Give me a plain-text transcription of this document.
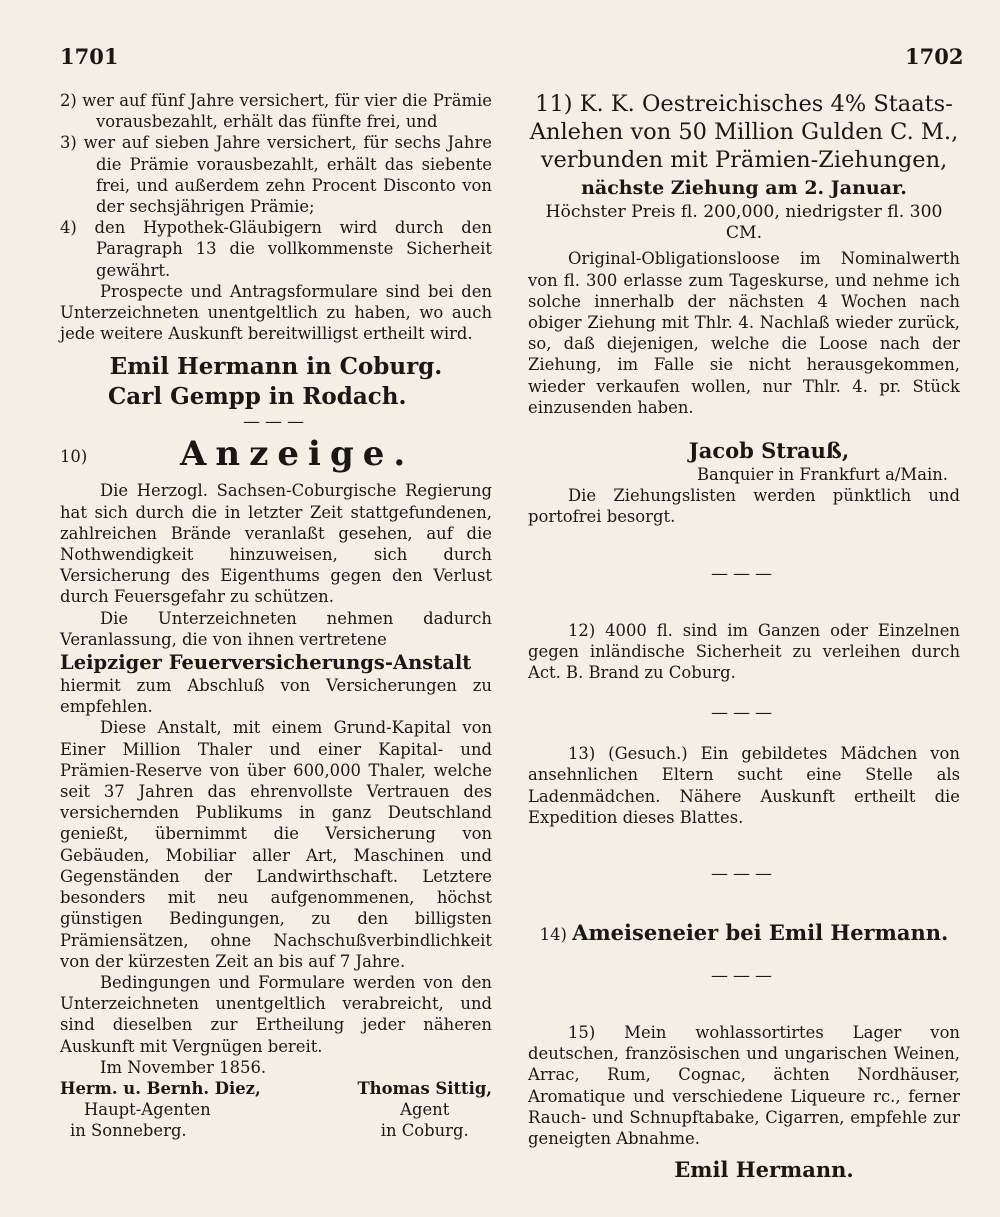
1701	1702

2) wer auf fünf Jahre versichert, für vier die Prämie vorausbezahlt, erhält das fünfte frei, und

3) wer auf sieben Jahre versichert, für sechs Jahre die Prämie vorausbezahlt, erhält das siebente frei, und außerdem zehn Procent Disconto von der sechsjährigen Prämie;

4) den Hypothek-Gläubigern wird durch den Paragraph 13 die vollkommenste Sicherheit gewährt.

Prospecte und Antragsformulare sind bei den Unterzeichneten unentgeltlich zu haben, wo auch jede weitere Auskunft bereitwilligst ertheilt wird.

Emil Hermann in Coburg.

Carl Gempp in Rodach.

———
10)	Anzeige.

Die Herzogl. Sachsen-Coburgische Regierung hat sich durch die in letzter Zeit stattgefundenen, zahlreichen Brände veranlaßt gesehen, auf die Nothwendigkeit hinzuweisen, sich durch Versicherung des Eigenthums gegen den Verlust durch Feuersgefahr zu schützen.

Die Unterzeichneten nehmen dadurch Veranlassung, die von ihnen vertretene

Leipziger Feuerversicherungs-Anstalt

hiermit zum Abschluß von Versicherungen zu empfehlen.

Diese Anstalt, mit einem Grund-Kapital von Einer Million Thaler und einer Kapital- und Prämien-Reserve von über 600,000 Thaler, welche seit 37 Jahren das ehrenvollste Vertrauen des versichernden Publikums in ganz Deutschland genießt, übernimmt die Versicherung von Gebäuden, Mobiliar aller Art, Maschinen und Gegenständen der Landwirthschaft. Letztere besonders mit neu aufgenommenen, höchst günstigen Bedingungen, zu den billigsten Prämiensätzen, ohne Nachschußverbindlichkeit von der kürzesten Zeit an bis auf 7 Jahre.

Bedingungen und Formulare werden von den Unterzeichneten unentgeltlich verabreicht, und sind dieselben zur Ertheilung jeder näheren Auskunft mit Vergnügen bereit.

Im November 1856.

Herm. u. Bernh. Diez,
Haupt-Agenten
in Sonneberg.
Thomas Sittig,
Agent
in Coburg.

11) K. K. Oestreichisches 4% Staats-

Anlehen von 50 Million Gulden C. M.,

verbunden mit Prämien-Ziehungen,

nächste Ziehung am 2. Januar.

Höchster Preis fl. 200,000, niedrigster fl. 300 CM.

Original-Obligationsloose im Nominalwerth von fl. 300 erlasse zum Tageskurse, und nehme ich solche innerhalb der nächsten 4 Wochen nach obiger Ziehung mit Thlr. 4. Nachlaß wieder zurück, so, daß diejenigen, welche die Loose nach der Ziehung, im Falle sie nicht herausgekommen, wieder verkaufen wollen, nur Thlr. 4. pr. Stück einzusenden haben.

Jacob Strauß,

Banquier in Frankfurt a/Main.

Die Ziehungslisten werden pünktlich und portofrei besorgt.

———

12) 4000 fl. sind im Ganzen oder Einzelnen gegen inländische Sicherheit zu verleihen durch Act. B. Brand zu Coburg.

———

13) (Gesuch.) Ein gebildetes Mädchen von ansehnlichen Eltern sucht eine Stelle als Ladenmädchen. Nähere Auskunft ertheilt die Expedition dieses Blattes.

———

14) Ameiseneier bei Emil Hermann.

———

15) Mein wohlassortirtes Lager von deutschen, französischen und ungarischen Weinen, Arrac, Rum, Cognac, ächten Nordhäuser, Aromatique und verschiedene Liqueure rc., ferner Rauch- und Schnupftabake, Cigarren, empfehle zur geneigten Abnahme.

Emil Hermann.
